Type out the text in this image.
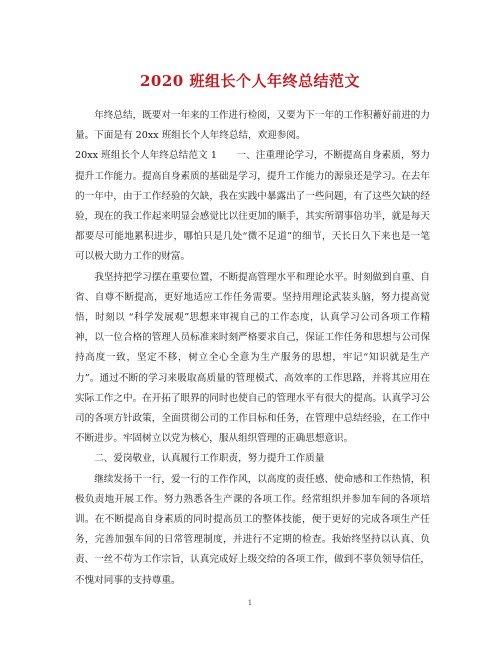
2020 班组长个人年终总结范文

年终总结，既要对一年来的工作进行检阅，又要为下一年的工作积蓄好前进的力量。下面是有 20xx 班组长个人年终总结，欢迎参阅。

20xx 班组长个人年终总结范文 1　　一、注重理论学习，不断提高自身素质，努力提升工作能力。提高自身素质的基础是学习，提升工作能力的源泉还是学习。在去年的一年中，由于工作经验的欠缺，我在实践中暴露出了一些问题，有了这些欠缺的经验，现在的我工作起来明显会感觉比以往更加的顺手，其实所谓事倍功半，就是每天都要尽可能地累积进步，哪怕只是几处“微不足道”的细节，天长日久下来也是一笔可以极大助力工作的财富。

我坚持把学习摆在重要位置，不断提高管理水平和理论水平。时刻做到自重、自省、自尊不断提高，更好地适应工作任务需要。坚持用理论武装头脑，努力提高觉悟，时刻以 “科学发展观”思想来审视自己的工作态度，认真学习公司各项工作精神，以一位合格的管理人员标准来时刻严格要求自己，保证工作任务和思想与公司保持高度一致，坚定不移，树立全心全意为生产服务的思想，牢记“知识就是生产力”。通过不断的学习来吸取高质量的管理模式、高效率的工作思路，并将其应用在实际工作之中。在开拓了眼界的同时也使自己的管理水平有很大的提高。认真学习公司的各项方针政策，全面贯彻公司的工作目标和任务，在管理中总结经验，在工作中不断进步。牢固树立以党为核心，服从组织管理的正确思想意识。

二、爱岗敬业，认真履行工作职责，努力提升工作质量

继续发扬干一行，爱一行的工作作风，以高度的责任感、使命感和工作热情，积极负责地开展工作。努力熟悉各生产课的各项工作。经常组织并参加车间的各项培训。在不断提高自身素质的同时提高员工的整体技能，便于更好的完成各项生产任务，完善加强车间的日常管理制度，并进行不定期的检查。我始终坚持以认真、负责、一丝不苟为工作宗旨，认真完成好上级交给的各项工作，做到不辜负领导信任，不愧对同事的支持尊重。

1
